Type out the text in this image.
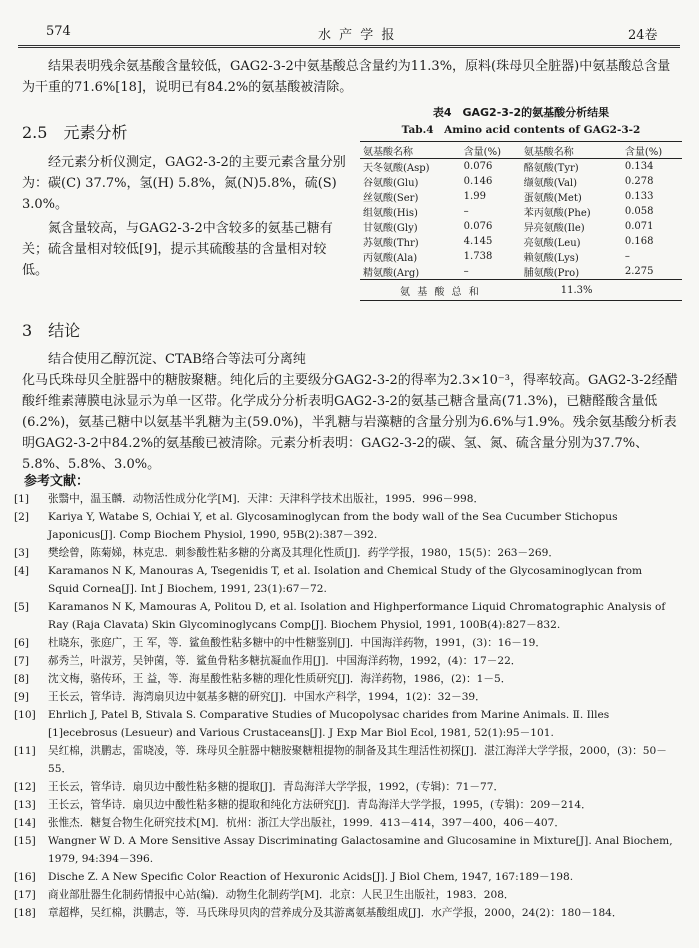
574	水 产 学 报	24卷

结果表明残余氨基酸含量较低，GAG2-3-2中氨基酸总含量约为11.3%，原料(珠母贝全脏器)中氨基酸总含量为干重的71.6%[18]，说明已有84.2%的氨基酸被清除。

2.5　元素分析

经元素分析仪测定，GAG2-3-2的主要元素含量分别为：碳(C) 37.7%，氢(H) 5.8%，氮(N)5.8%，硫(S) 3.0%。

氮含量较高，与GAG2-3-2中含较多的氨基己糖有关；硫含量相对较低[9]，提示其硫酸基的含量相对较低。

表4　GAG2-3-2的氨基酸分析结果
Tab.4　Amino acid contents of GAG2-3-2
氨基酸名称	含量(%)	氨基酸名称	含量(%)
天冬氨酸(Asp)	0.076	酪氨酸(Tyr)	0.134
谷氨酸(Glu)	0.146	缬氨酸(Val)	0.278
丝氨酸(Ser)	1.99	蛋氨酸(Met)	0.133
组氨酸(His)	–	苯丙氨酸(Phe)	0.058
甘氨酸(Gly)	0.076	异亮氨酸(Ile)	0.071
苏氨酸(Thr)	4.145	亮氨酸(Leu)	0.168
丙氨酸(Ala)	1.738	赖氨酸(Lys)	–
精氨酸(Arg)	–	脯氨酸(Pro)	2.275
氨 基 酸 总 和		11.3%	
3　结论

结合使用乙醇沉淀、CTAB络合等法可分离纯

化马氏珠母贝全脏器中的糖胺聚糖。纯化后的主要级分GAG2-3-2的得率为2.3×10⁻³，得率较高。GAG2-3-2经醋酸纤维素薄膜电泳显示为单一区带。化学成分分析表明GAG2-3-2的氨基己糖含量高(71.3%)，已糖醛酸含量低(6.2%)，氨基己糖中以氨基半乳糖为主(59.0%)，半乳糖与岩藻糖的含量分别为6.6%与1.9%。残余氨基酸分析表明GAG2-3-2中84.2%的氨基酸已被清除。元素分析表明：GAG2-3-2的碳、氢、氮、硫含量分别为37.7%、5.8%、5.8%、3.0%。

参考文献：
[1] 张翳中，温玉麟．动物活性成分化学[M]．天津：天津科学技术出版社，1995．996－998．
[2] Kariya Y, Watabe S, Ochiai Y, et al. Glycosaminoglycan from the body wall of the Sea Cucumber Stichopus Japonicus[J]. Comp Biochem Physiol, 1990, 95B(2):387－392.
[3] 樊绘曾，陈菊娣，林克忠．刺参酸性粘多糖的分离及其理化性质[J]．药学学报，1980，15(5)：263－269．
[4] Karamanos N K, Manouras A, Tsegenidis T, et al. Isolation and Chemical Study of the Glycosaminoglycan from Squid Cornea[J]. Int J Biochem, 1991, 23(1):67－72.
[5] Karamanos N K, Mamouras A, Politou D, et al. Isolation and Highperformance Liquid Chromatographic Analysis of Ray (Raja Clavata) Skin Glycominoglycans Comp[J]. Biochem Physiol, 1991, 100B(4):827－832.
[6] 杜晓东，张庭广，王 军，等．鲨鱼酸性粘多糖中的中性糖鉴别[J]．中国海洋药物，1991，(3)：16－19．
[7] 郝秀兰，叶淑芳，吴钟菌，等．鲨鱼骨粘多糖抗凝血作用[J]．中国海洋药物，1992，(4)：17－22．
[8] 沈文梅，骆传环，王 益，等．海星酸性粘多糖的理化性质研究[J]．海洋药物，1986，(2)：1－5．
[9] 王长云，管华诗．海湾扇贝边中氨基多糖的研究[J]．中国水产科学，1994，1(2)：32－39．
[10] Ehrlich J, Patel B, Stivala S. Comparative Studies of Mucopolysac charides from Marine Animals. Ⅱ. Illes [1]ecebrosus (Lesueur) and Various Crustaceans[J]. J Exp Mar Biol Ecol, 1981, 52(1):95－101.
[11] 吴红棉，洪鹏志，雷晓凌，等．珠母贝全脏器中糖胺聚糖粗提物的制备及其生理活性初探[J]．湛江海洋大学学报，2000，(3)：50－55．
[12] 王长云，管华诗．扇贝边中酸性粘多糖的提取[J]．青岛海洋大学学报，1992，(专辑)：71－77．
[13] 王长云，管华诗．扇贝边中酸性粘多糖的提取和纯化方法研究[J]．青岛海洋大学学报，1995，(专辑)：209－214．
[14] 张惟杰．糖复合物生化研究技术[M]．杭州：浙江大学出版社，1999．413－414，397－400，406－407．
[15] Wangner W D. A More Sensitive Assay Discriminating Galactosamine and Glucosamine in Mixture[J]. Anal Biochem, 1979, 94:394－396.
[16] Dische Z. A New Specific Color Reaction of Hexuronic Acids[J]. J Biol Chem, 1947, 167:189－198.
[17] 商业部肚器生化制药情报中心站(编)．动物生化制药学[M]．北京：人民卫生出版社，1983．208．
[18] 章超桦，吴红棉，洪鹏志，等．马氏珠母贝肉的营养成分及其游离氨基酸组成[J]．水产学报，2000，24(2)：180－184．
